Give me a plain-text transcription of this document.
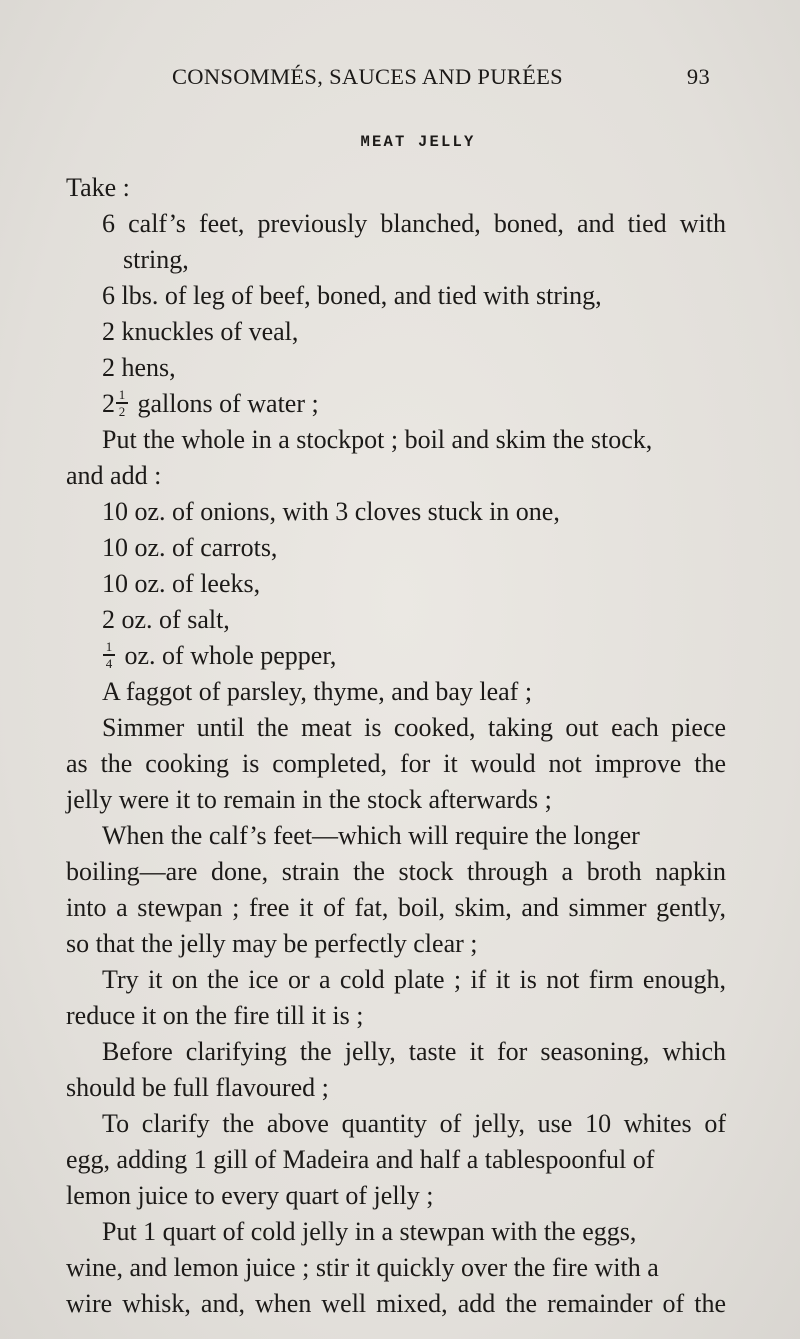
CONSOMMÉS, SAUCES AND PURÉES	93
MEAT JELLY
Take :
6 calf’s feet, previously blanched, boned, and tied with
string,
6 lbs. of leg of beef, boned, and tied with string,
2 knuckles of veal,
2 hens,
$2 \frac{1}{2}$ gallons of water ;
Put the whole in a stockpot ; boil and skim the stock,
and add :
10 oz. of onions, with 3 cloves stuck in one,
10 oz. of carrots,
10 oz. of leeks,
2 oz. of salt,
$\frac{1}{4}$ oz. of whole pepper,
A faggot of parsley, thyme, and bay leaf ;
Simmer until the meat is cooked, taking out each piece
as the cooking is completed, for it would not improve the
jelly were it to remain in the stock afterwards ;
When the calf’s feet—which will require the longer
boiling—are done, strain the stock through a broth napkin
into a stewpan ; free it of fat, boil, skim, and simmer gently,
so that the jelly may be perfectly clear ;
Try it on the ice or a cold plate ; if it is not firm enough,
reduce it on the fire till it is ;
Before clarifying the jelly, taste it for seasoning, which
should be full flavoured ;
To clarify the above quantity of jelly, use 10 whites of
egg, adding 1 gill of Madeira and half a tablespoonful of
lemon juice to every quart of jelly ;
Put 1 quart of cold jelly in a stewpan with the eggs,
wine, and lemon juice ; stir it quickly over the fire with a
wire whisk, and, when well mixed, add the remainder of the
